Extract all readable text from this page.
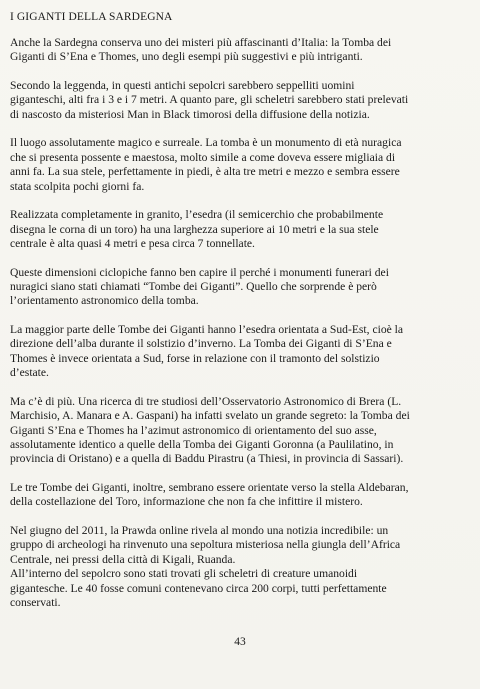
I GIGANTI DELLA SARDEGNA
Anche la Sardegna conserva uno dei misteri più affascinanti d’Italia: la Tomba dei
Giganti di S’Ena e Thomes, uno degli esempi più suggestivi e più intriganti.
Secondo la leggenda, in questi antichi sepolcri sarebbero seppelliti uomini
giganteschi, alti fra i 3 e i 7 metri. A quanto pare, gli scheletri sarebbero stati prelevati
di nascosto da misteriosi Man in Black timorosi della diffusione della notizia.
Il luogo assolutamente magico e surreale. La tomba è un monumento di età nuragica
che si presenta possente e maestosa, molto simile a come doveva essere migliaia di
anni fa. La sua stele, perfettamente in piedi, è alta tre metri e mezzo e sembra essere
stata scolpita pochi giorni fa.
Realizzata completamente in granito, l’esedra (il semicerchio che probabilmente
disegna le corna di un toro) ha una larghezza superiore ai 10 metri e la sua stele
centrale è alta quasi 4 metri e pesa circa 7 tonnellate.
Queste dimensioni ciclopiche fanno ben capire il perché i monumenti funerari dei
nuragici siano stati chiamati “Tombe dei Giganti”. Quello che sorprende è però
l’orientamento astronomico della tomba.
La maggior parte delle Tombe dei Giganti hanno l’esedra orientata a Sud-Est, cioè la
direzione dell’alba durante il solstizio d’inverno. La Tomba dei Giganti di S’Ena e
Thomes è invece orientata a Sud, forse in relazione con il tramonto del solstizio
d’estate.
Ma c’è di più. Una ricerca di tre studiosi dell’Osservatorio Astronomico di Brera (L.
Marchisio, A. Manara e A. Gaspani) ha infatti svelato un grande segreto: la Tomba dei
Giganti S’Ena e Thomes ha l’azimut astronomico di orientamento del suo asse,
assolutamente identico a quelle della Tomba dei Giganti Goronna (a Paulilatino, in
provincia di Oristano) e a quella di Baddu Pirastru (a Thiesi, in provincia di Sassari).
Le tre Tombe dei Giganti, inoltre, sembrano essere orientate verso la stella Aldebaran,
della costellazione del Toro, informazione che non fa che infittire il mistero.
Nel giugno del 2011, la Prawda online rivela al mondo una notizia incredibile: un
gruppo di archeologi ha rinvenuto una sepoltura misteriosa nella giungla dell’Africa
Centrale, nei pressi della città di Kigali, Ruanda.
All’interno del sepolcro sono stati trovati gli scheletri di creature umanoidi
gigantesche. Le 40 fosse comuni contenevano circa 200 corpi, tutti perfettamente
conservati.
43
